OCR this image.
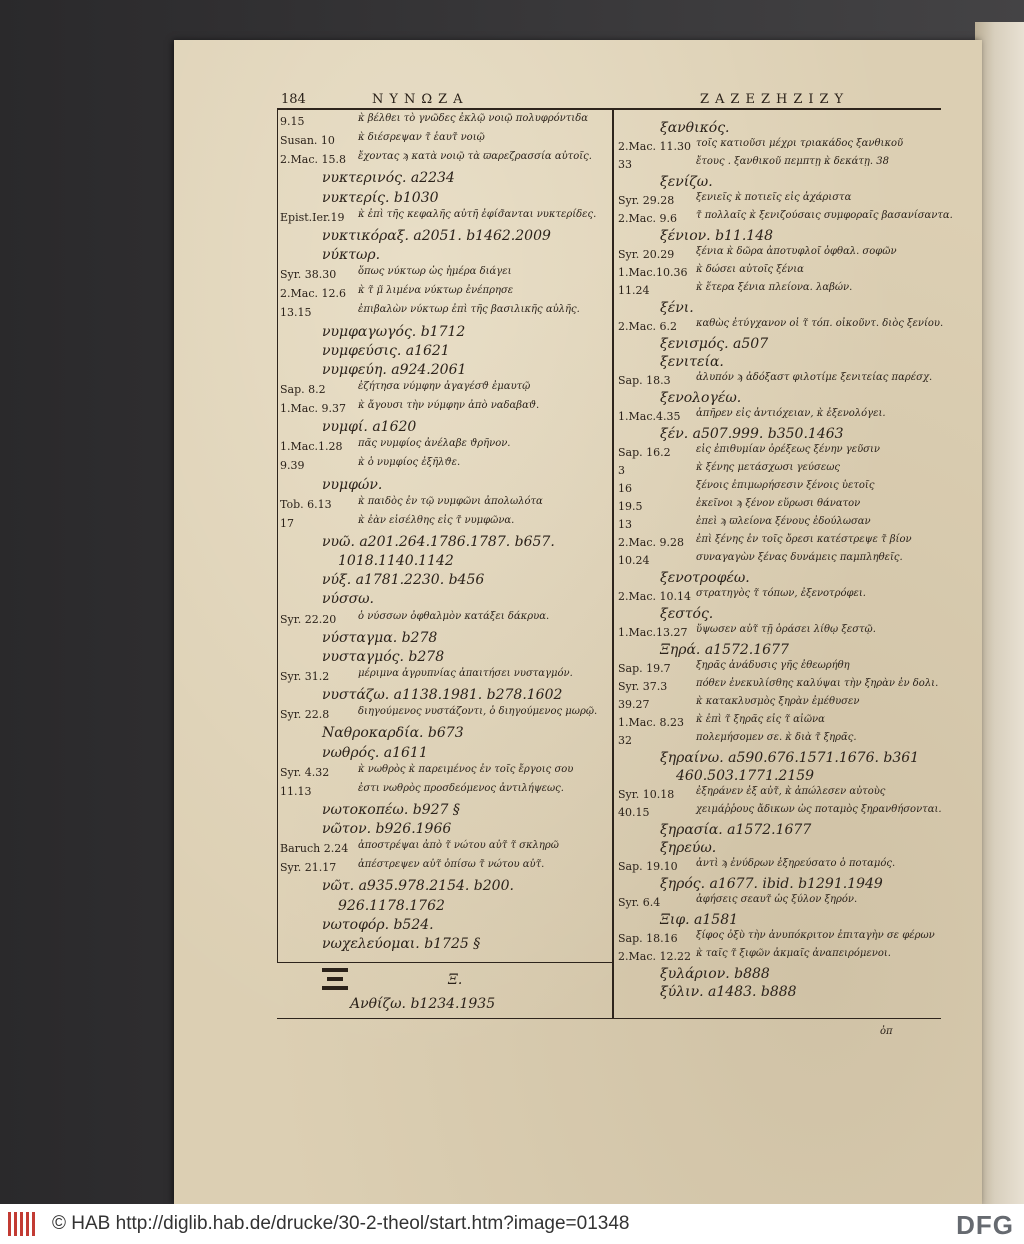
184	ΝΥΝΩΖΑ	ΖΑΖΕΖΗΖΙΖΥ
9.15	κ̀ βέλθει τὸ γνῶδες ἐκλῷ νοιῷ πολυφρόντιδα
Susan. 10 κ̀ διέσρεψαν τ̃ ἑαυτ̃ νοιῷ
2.Mac. 15.8 ἔχοντας ϡ κατὰ νοιῷ τὰ ϖαρεζρασσία αὐτοῖς.
νυκτερινός. a2234
νυκτερίς. b1030
Epist.Ier.19 κ̀ ἐπὶ τῆς κεφαλῆς αὐτῆ ἐφίσ̃ανται νυκτερίδες.
νυκτικόραξ. a2051. b1462.2009
νύκτωρ.
Syr. 38.30 ὅπως νύκτωρ ὡς ἡμέρα διάγει
2.Mac. 12.6 κ̀ τ̃ μ̃ λιμένα νύκτωρ ἐνέπρησε
13.15	ἐπιβαλὼν νύκτωρ ἐπὶ τῆς βασιλικῆς αὐλῆς.
νυμφαγωγός. b1712
νυμφεύσις. a1621
νυμφεύη. a924.2061
Sap. 8.2	ἐζήτησα νύμφην ἀγαγέσϑ ἐμαυτῷ
1.Mac. 9.37 κ̀ ἄγουσι τὴν νύμφην ἀπὸ ναδαβαϑ.
νυμφί. a1620
1.Mac.1.28 πᾶς νυμφίος ἀνέλαβε ϑρῆνον.
9.39	κ̀ ὁ νυμφίος ἐξῆλϑε.
νυμφών.
Tob. 6.13	κ̀ παιδὸς ἐν τῷ νυμφῶνι ἀπολωλότα
17	κ̀ ἐὰν εἰσέλθης εἰς τ̃ νυμφῶνα.
νυῶ. a201.264.1786.1787. b657.
1018.1140.1142
νύξ. a1781.2230. b456
νύσσω.
Syr. 22.20 ὁ νύσσων ὀφθαλμὸν κατάξει δάκρυα.
νύσταγμα. b278
νυσταγμός. b278
Syr. 31.2	μέριμνα ἀγρυπνίας ἀπαιτήσει νυσταγμόν.
νυστάζω. a1138.1981. b278.1602
Syr. 22.8	διηγούμενος νυστάζοντι, ὁ διηγούμενος μωρῷ.
Ναθροκαρδία. b673
νωθρός. a1611
Syr. 4.32	κ̀ νωθρὸς κ̀ παρειμένος ἐν τοῖς ἔργοις σου
11.13	ἐστι νωθρὸς προσδεόμενος ἀντιλήψεως.
νωτοκοπέω. b927 §
νῶτον. b926.1966
Baruch 2.24 ἀποστρέψαι ἀπὸ τ̃ νώτου αὐτ̃ τ̃ σκληρῶ
Syr. 21.17 ἀπέστρεψεν αὐτ̃ ὀπίσω τ̃ νώτου αὐτ̃.
νῶτ. a935.978.2154. b200.
926.1178.1762
νωτοφόρ. b524.
νωχελεύομαι. b1725 §
ξανθικός.
2.Mac. 11.30 τοῖς κατιοῦσι μέχρι τριακάδος ξανθικοῦ
33	ἔτους . ξανθικοῦ πεμπτῃ κ̀ δεκάτῃ. 38
ξενίζω.
Syr. 29.28 ξενιεῖς κ̀ ποτιεῖς εἰς ἀχάριστα
2.Mac. 9.6 τ̃ πολλαῖς κ̀ ξενιζούσαις συμφοραῖς βασανίσαντα.
ξένιον. b11.148
Syr. 20.29 ξένια κ̀ δῶρα ἀποτυφλοῖ ὀφθαλ. σοφῶν
1.Mac.10.36 κ̀ δώσει αὐτοῖς ξένια
11.24	κ̀ ἕτερα ξένια πλείονα. λαβών.
ξένι.
2.Mac. 6.2 καθὼς ἐτύγχανον οἱ τ̃ τόπ. οἰκοῦντ. διὸς ξενίου.
ξενισμός. a507
ξενιτεία.
Sap. 18.3	ἀλυπόν ϡ ἀδόξαστ φιλοτίμε ξενιτείας παρέσχ.
ξενολογέω.
1.Mac.4.35 ἀπῆρεν εἰς ἀντιόχειαν, κ̀ ἐξενολόγει.
ξέν. a507.999. b350.1463
Sap. 16.2	εἰς ἐπιθυμίαν ὀρέξεως ξένην γεῦσιν
3	κ̀ ξένης μετάσχωσι γεύσεως
16	ξένοις ἐπιμωρήσεσιν ξένοις ὑετοῖς
19.5	ἐκεῖνοι ϡ ξένον εὕρωσι θάνατον
13	ἐπεὶ ϡ ϖλείονα ξένους ἐδούλωσαν
2.Mac. 9.28 ἐπὶ ξένης ἐν τοῖς ὄρεσι κατέστρεψε τ̃ βίον
10.24	συναγαγὼν ξένας δυνάμεις παμπληθεῖς.
ξενοτροφέω.
2.Mac. 10.14 στρατηγὸς τ̃ τόπων, ἐξενοτρόφει.
ξεστός.
1.Mac.13.27 ὕψωσεν αὐτ̃ τῇ ὁράσει λίθῳ ξεστῷ.
Ξηρά. a1572.1677
Sap. 19.7	ξηρᾶς ἀνάδυσις γῆς ἐθεωρήθη
Syr. 37.3	πόθεν ἐνεκυλίσθης καλύψαι τὴν ξηρὰν ἐν δολι.
39.27	κ̀ κατακλυσμὸς ξηρὰν ἐμέθυσεν
1.Mac. 8.23 κ̀ ἐπὶ τ̃ ξηρᾶς εἰς τ̃ αἰῶνα
32	πολεμήσομεν σε. κ̀ διὰ τ̃ ξηρᾶς.
ξηραίνω. a590.676.1571.1676. b361
460.503.1771.2159
Syr. 10.18 ἐξηράνεν ἐξ αὐτ̃, κ̀ ἀπώλεσεν αὐτοὺς
40.15	χειμάῤῥους ἄδικων ὡς ποταμὸς ξηρανθήσονται.
ξηρασία. a1572.1677
ξηρεύω.
Sap. 19.10 ἀντὶ ϡ ἐνύδρων ἐξηρεύσατο ὁ ποταμός.
ξηρός. a1677. ibid. b1291.1949
Syr. 6.4	ἀφήσεις σεαυτ̃ ὡς ξύλον ξηρόν.
Ξιφ. a1581
Sap. 18.16 ξίφος ὀξὺ τὴν ἀνυπόκριτον ἐπιταγὴν σε φέρων
2.Mac. 12.22 κ̀ ταῖς τ̃ ξιφῶν ἀκμαῖς ἀναπειρόμενοι.
ξυλάριον. b888
ξύλιν. a1483. b888
Ξ.
Ανθίζω. b1234.1935
ὀπ
© HAB http://diglib.hab.de/drucke/30-2-theol/start.htm?image=01348	DFG
